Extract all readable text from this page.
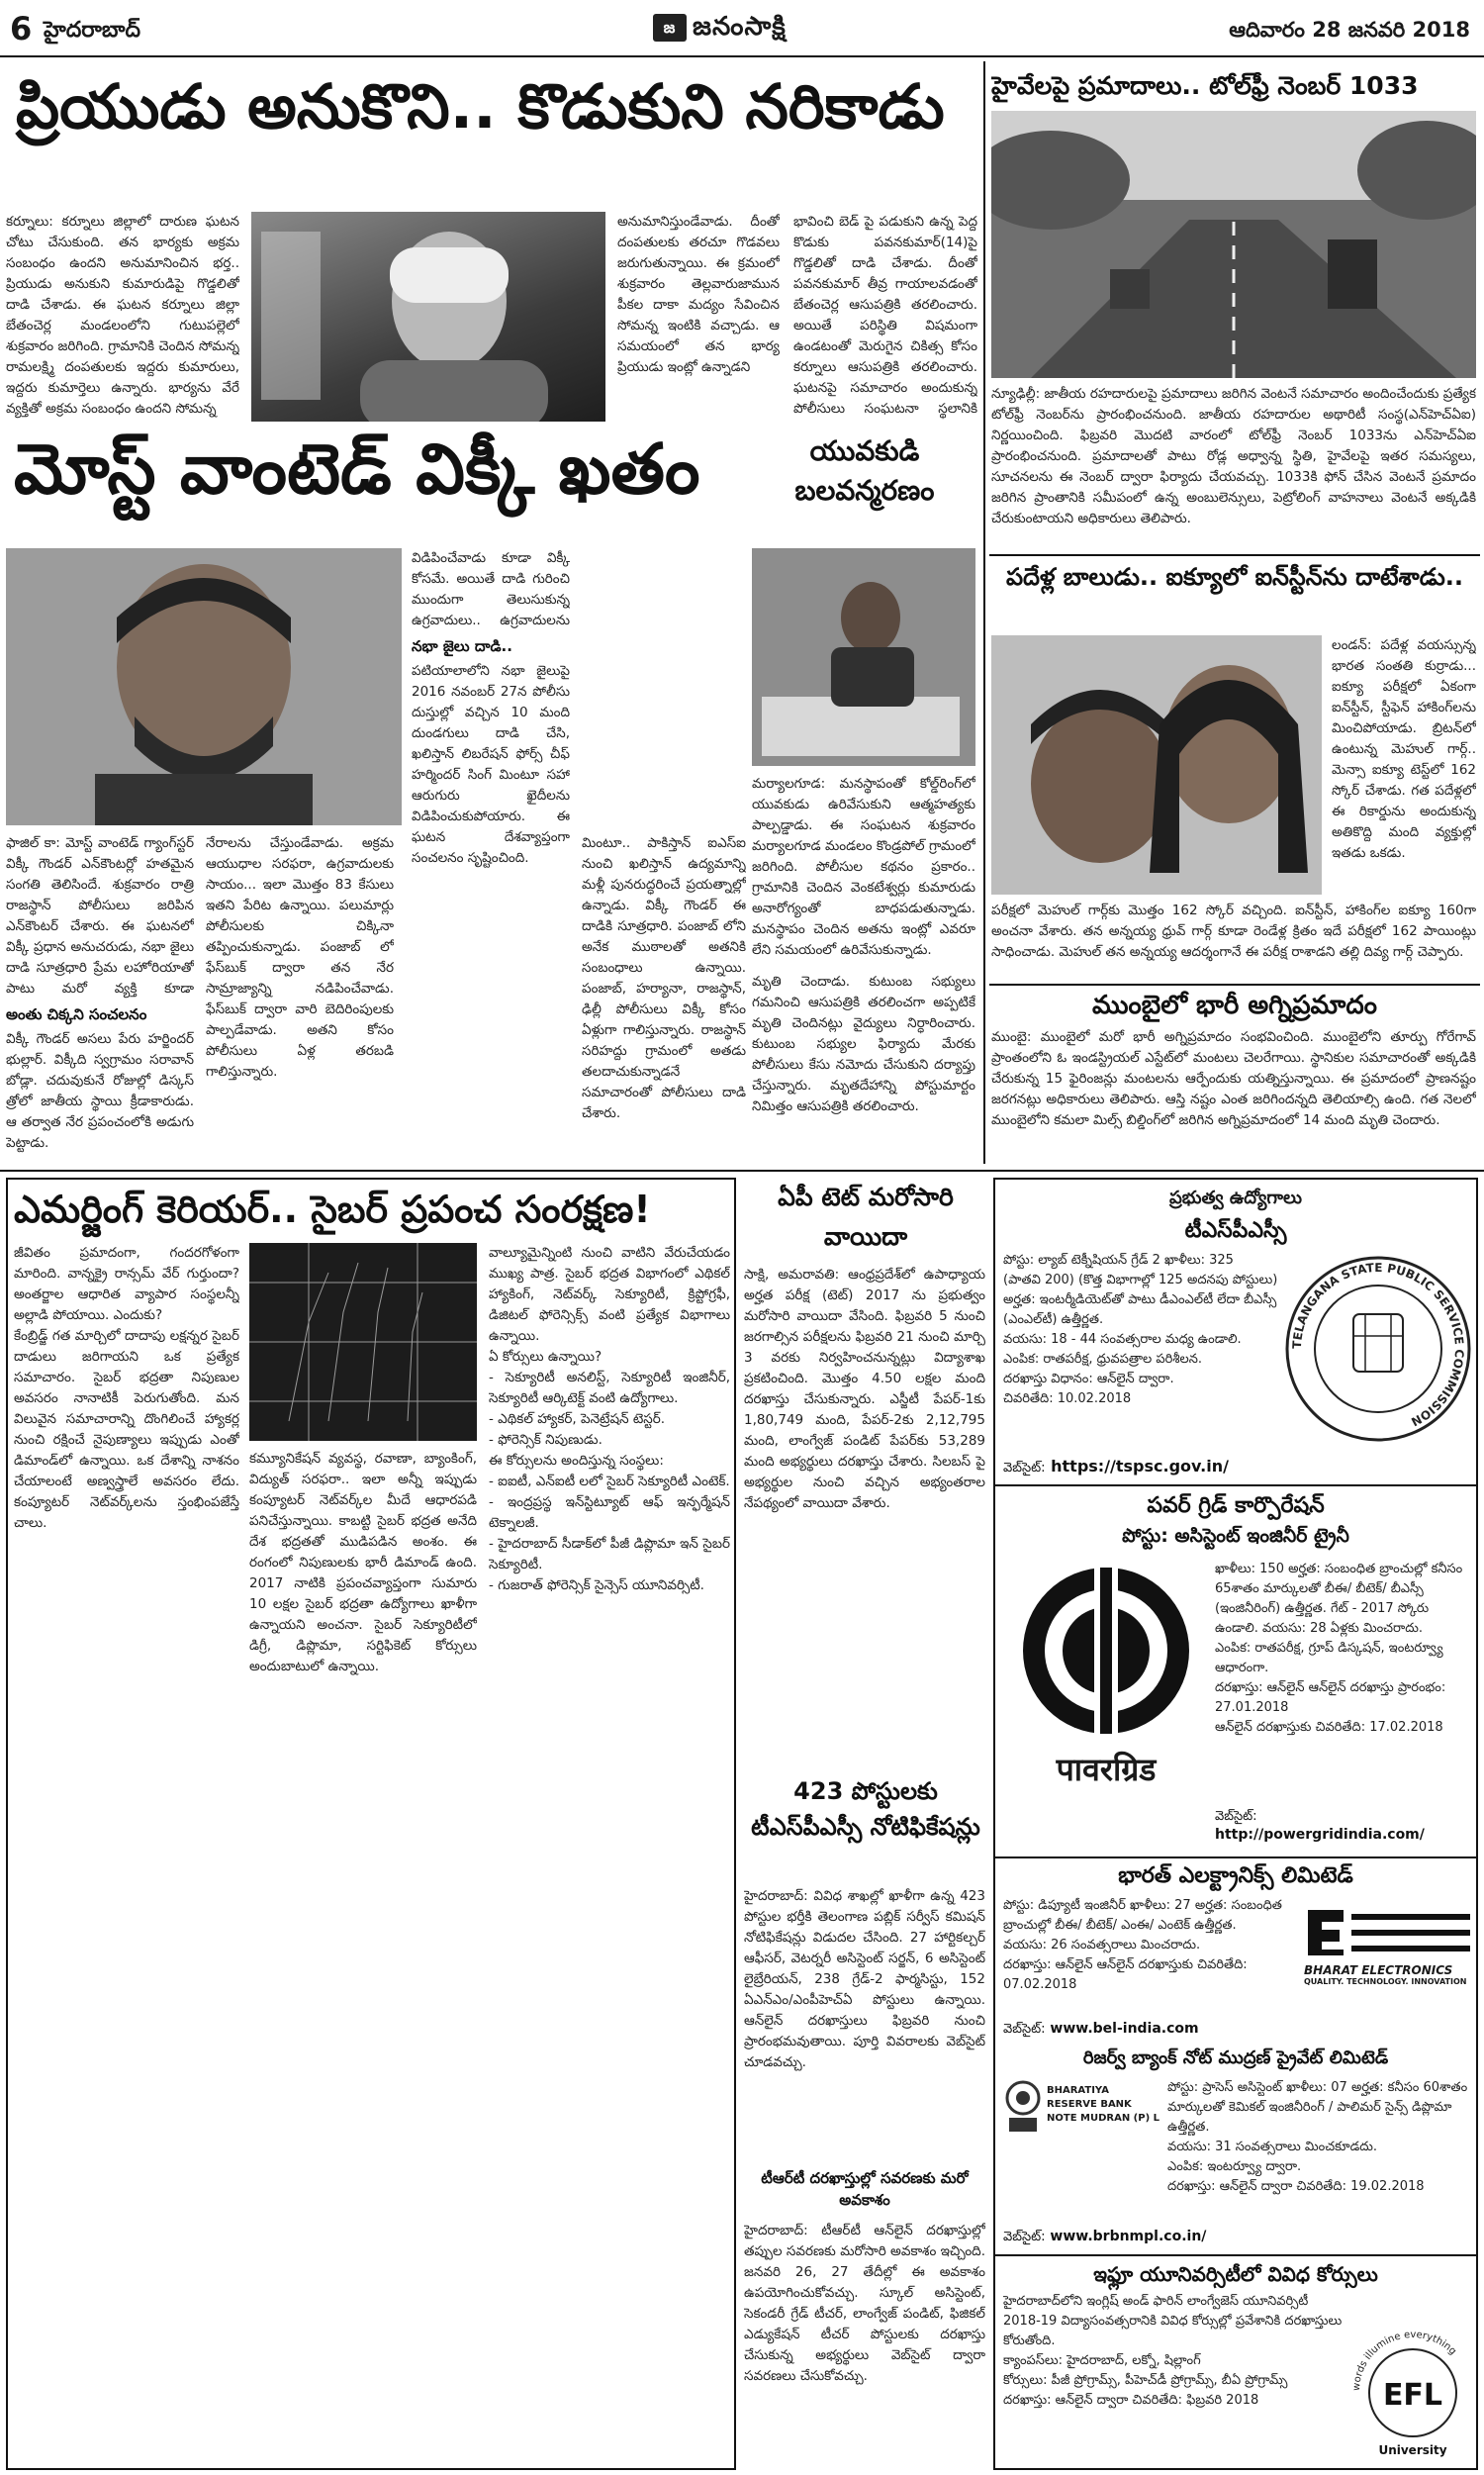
6 హైదరాబాద్	జ జనంసాక్షి	ఆదివారం 28 జనవరి 2018
ప్రియుడు అనుకొని.. కొడుకుని నరికాడు
కర్నూలు: కర్నూలు జిల్లాలో దారుణ ఘటన చోటు చేసుకుంది. తన భార్యకు అక్రమ సంబంధం ఉందని అనుమానించిన భర్త.. ప్రియుడు అనుకుని కుమారుడిపై గొడ్డలితో దాడి చేశాడు. ఈ ఘటన కర్నూలు జిల్లా బేతంచెర్ల మండలంలోని గుటుపల్లెలో శుక్రవారం జరిగింది. గ్రామానికి చెందిన సోమన్న రామలక్ష్మి దంపతులకు ఇద్దరు కుమారులు, ఇద్దరు కుమార్తెలు ఉన్నారు. భార్యను వేరే వ్యక్తితో అక్రమ సంబంధం ఉందని సోమన్న
అనుమానిస్తుండేవాడు. దీంతో దంపతులకు తరచూ గొడవలు జరుగుతున్నాయి. ఈ క్రమంలో శుక్రవారం తెల్లవారుజామున పీకల దాకా మద్యం సేవించిన సోమన్న ఇంటికి వచ్చాడు. ఆ సమయంలో తన భార్య ప్రియుడు ఇంట్లో ఉన్నాడని
భావించి బెడ్ పై పడుకుని ఉన్న పెద్ద కొడుకు పవనకుమార్(14)పై గొడ్డలితో దాడి చేశాడు. దీంతో పవనకుమార్ తీవ్ర గాయాలవడంతో బేతంచెర్ల ఆసుపత్రికి తరలించారు. అయితే పరిస్థితి విషమంగా ఉండటంతో మెరుగైన చికిత్స కోసం కర్నూలు ఆసుపత్రికి తరలించారు. ఘటనపై సమాచారం అందుకున్న పోలీసులు సంఘటనా స్థలానికి
మోస్ట్ వాంటెడ్ విక్కీ ఖతం
ఫాజిల్ కా: మోస్ట్ వాంటెడ్ గ్యాంగ్‌స్టర్ విక్కీ గౌండర్ ఎన్‌కౌంటర్లో హతమైన సంగతి తెలిసిందే. శుక్రవారం రాత్రి రాజస్థాన్ పోలీసులు జరిపిన ఎన్‌కౌంటర్ చేశారు. ఈ ఘటనలో విక్కీ ప్రధాన అనుచరుడు, నభా జైలు దాడి సూత్రధారి ప్రేమ లహోరియాతో పాటు మరో వ్యక్తి కూడా
అంతు చిక్కని సంచలనం
విక్కీ గౌండర్ అసలు పేరు హర్జిందర్ భుల్లార్. విక్కీది స్వగ్రామం సరావాన్ బోడ్లా. చదువుకునే రోజుల్లో డిస్కస్ త్రోలో జాతీయ స్థాయి క్రీడాకారుడు. ఆ తర్వాత నేర ప్రపంచంలోకి అడుగు పెట్టాడు.
నేరాలను చేస్తుండేవాడు. అక్రమ ఆయుధాల సరఫరా, ఉగ్రవాదులకు సాయం... ఇలా మొత్తం 83 కేసులు ఇతని పేరిట ఉన్నాయి. పలుమార్లు పోలీసులకు చిక్కినా తప్పించుకున్నాడు. పంజాబ్ లో ఫేస్‌బుక్ ద్వారా తన నేర సామ్రాజ్యాన్ని నడిపించేవాడు. ఫేస్‌బుక్ ద్వారా వారి బెదిరింపులకు పాల్పడేవాడు. అతని కోసం పోలీసులు ఏళ్ల తరబడి గాలిస్తున్నారు.
విడిపించేవాడు కూడా విక్కీ కోసమే. అయితే దాడి గురించి ముందుగా తెలుసుకున్న ఉగ్రవాదులు.. ఉగ్రవాదులను
నభా జైలు దాడి..
పటియాలాలోని నభా జైలుపై 2016 నవంబర్ 27న పోలీసు దుస్తుల్లో వచ్చిన 10 మంది దుండగులు దాడి చేసి, ఖలిస్తాన్ లిబరేషన్ ఫోర్స్ చీఫ్ హర్మిందర్ సింగ్ మింటూ సహా ఆరుగురు ఖైదీలను విడిపించుకుపోయారు. ఈ ఘటన దేశవ్యాప్తంగా సంచలనం సృష్టించింది.
మింటూ.. పాకిస్తాన్ ఐఎస్ఐ నుంచి ఖలిస్తాన్ ఉద్యమాన్ని మళ్లీ పునరుద్ధరించే ప్రయత్నాల్లో ఉన్నాడు. విక్కీ గౌండర్ ఈ దాడికి సూత్రధారి. పంజాబ్ లోని అనేక ముఠాలతో అతనికి సంబంధాలు ఉన్నాయి. పంజాబ్, హర్యానా, రాజస్థాన్, ఢిల్లీ పోలీసులు విక్కీ కోసం ఏళ్లుగా గాలిస్తున్నారు. రాజస్థాన్ సరిహద్దు గ్రామంలో అతడు తలదాచుకున్నాడనే సమాచారంతో పోలీసులు దాడి చేశారు.
యువకుడి బలవన్మరణం
మర్యాలగూడ: మనస్థాపంతో కోల్డ్‌రింగ్‌లో యువకుడు ఉరివేసుకుని ఆత్మహత్యకు పాల్పడ్డాడు. ఈ సంఘటన శుక్రవారం మర్యాలగూడ మండలం కొండ్రపోల్ గ్రామంలో జరిగింది. పోలీసుల కథనం ప్రకారం.. గ్రామానికి చెందిన వెంకటేశ్వర్లు కుమారుడు అనారోగ్యంతో బాధపడుతున్నాడు. మనస్థాపం చెందిన అతను ఇంట్లో ఎవరూ లేని సమయంలో ఉరివేసుకున్నాడు.
మృతి చెందాడు. కుటుంబ సభ్యులు గమనించి ఆసుపత్రికి తరలించగా అప్పటికే మృతి చెందినట్లు వైద్యులు నిర్ధారించారు. కుటుంబ సభ్యుల ఫిర్యాదు మేరకు పోలీసులు కేసు నమోదు చేసుకుని దర్యాప్తు చేస్తున్నారు. మృతదేహాన్ని పోస్టుమార్టం నిమిత్తం ఆసుపత్రికి తరలించారు.
హైవేలపై ప్రమాదాలు.. టోల్‌ఫ్రీ నెంబర్ 1033
న్యూఢిల్లీ: జాతీయ రహదారులపై ప్రమాదాలు జరిగిన వెంటనే సమాచారం అందించేందుకు ప్రత్యేక టోల్‌ఫ్రీ నెంబర్‌ను ప్రారంభించనుంది. జాతీయ రహదారుల అథారిటీ సంస్థ(ఎన్‌హెచ్‌ఏఐ) నిర్ణయించింది. ఫిబ్రవరి మొదటి వారంలో టోల్‌ఫ్రీ నెంబర్ 1033ను ఎన్‌హెచ్‌ఏఐ ప్రారంభించనుంది. ప్రమాదాలతో పాటు రోడ్ల అధ్వాన్న స్థితి, హైవేలపై ఇతర సమస్యలు, సూచనలను ఈ నెంబర్ ద్వారా ఫిర్యాదు చేయవచ్చు. 1033కి ఫోన్ చేసిన వెంటనే ప్రమాదం జరిగిన ప్రాంతానికి సమీపంలో ఉన్న అంబులెన్సులు, పెట్రోలింగ్ వాహనాలు వెంటనే అక్కడికి చేరుకుంటాయని అధికారులు తెలిపారు.
పదేళ్ల బాలుడు.. ఐక్యూలో ఐన్‌స్టీన్‌ను దాటేశాడు..
లండన్: పదేళ్ల వయస్సున్న భారత సంతతి కుర్రాడు... ఐక్యూ పరీక్షలో ఏకంగా ఐన్‌స్టీన్, స్టీఫెన్ హాకింగ్‌లను మించిపోయాడు. బ్రిటన్‌లో ఉంటున్న మెహుల్ గార్గ్.. మెన్సా ఐక్యూ టెస్ట్‌లో 162 స్కోర్ చేశాడు. గత పదేళ్లలో ఈ రికార్డును అందుకున్న అతికొద్ది మంది వ్యక్తుల్లో ఇతడు ఒకడు.
పరీక్షలో మెహుల్ గార్గ్‌కు మొత్తం 162 స్కోర్ వచ్చింది. ఐన్‌స్టీన్, హాకింగ్‌ల ఐక్యూ 160గా అంచనా వేశారు. తన అన్నయ్య ధ్రువ్ గార్గ్ కూడా రెండేళ్ల క్రితం ఇదే పరీక్షలో 162 పాయింట్లు సాధించాడు. మెహుల్ తన అన్నయ్య ఆదర్శంగానే ఈ పరీక్ష రాశాడని తల్లి దివ్య గార్గ్ చెప్పారు.
ముంబైలో భారీ అగ్నిప్రమాదం
ముంబై: ముంబైలో మరో భారీ అగ్నిప్రమాదం సంభవించింది. ముంబైలోని తూర్పు గోరేగావ్ ప్రాంతంలోని ఓ ఇండస్ట్రియల్ ఎస్టేట్‌లో మంటలు చెలరేగాయి. స్థానికుల సమాచారంతో అక్కడికి చేరుకున్న 15 ఫైరింజన్లు మంటలను ఆర్పేందుకు యత్నిస్తున్నాయి. ఈ ప్రమాదంలో ప్రాణనష్టం జరగనట్లు అధికారులు తెలిపారు. ఆస్తి నష్టం ఎంత జరిగిందన్నది తెలియాల్సి ఉంది. గత నెలలో ముంబైలోని కమలా మిల్స్ బిల్డింగ్‌లో జరిగిన అగ్నిప్రమాదంలో 14 మంది మృతి చెందారు.
ఎమర్జింగ్ కెరియర్.. సైబర్ ప్రపంచ సంరక్షణ!
జీవితం ప్రమాదంగా, గందరగోళంగా మారింది. వాన్నక్రై రాన్సమ్ వేర్ గుర్తుందా? అంతర్జాల ఆధారిత వ్యాపార సంస్థలన్నీ అల్లాడి పోయాయి. ఎందుకు?
కేంబ్రిడ్జ్ గత మార్చిలో దాదాపు లక్షన్నర సైబర్ దాడులు జరిగాయని ఒక ప్రత్యేక సమాచారం. సైబర్ భద్రతా నిపుణుల అవసరం నానాటికీ పెరుగుతోంది. మన విలువైన సమాచారాన్ని దొంగిలించే హ్యాకర్ల నుంచి రక్షించే నైపుణ్యాలు ఇప్పుడు ఎంతో డిమాండ్‌లో ఉన్నాయి. ఒక దేశాన్ని నాశనం చేయాలంటే అణ్వస్త్రాలే అవసరం లేదు. కంప్యూటర్ నెట్‌వర్క్‌లను స్తంభింపజేస్తే చాలు.
కమ్యూనికేషన్ వ్యవస్థ, రవాణా, బ్యాంకింగ్, విద్యుత్ సరఫరా.. ఇలా అన్నీ ఇప్పుడు కంప్యూటర్ నెట్‌వర్క్‌ల మీదే ఆధారపడి పనిచేస్తున్నాయి. కాబట్టి సైబర్ భద్రత అనేది దేశ భద్రతతో ముడిపడిన అంశం. ఈ రంగంలో నిపుణులకు భారీ డిమాండ్ ఉంది. 2017 నాటికి ప్రపంచవ్యాప్తంగా సుమారు 10 లక్షల సైబర్ భద్రతా ఉద్యోగాలు ఖాళీగా ఉన్నాయని అంచనా. సైబర్ సెక్యూరిటీలో డిగ్రీ, డిప్లొమా, సర్టిఫికెట్ కోర్సులు అందుబాటులో ఉన్నాయి.
వాల్యూమైన్నింటి నుంచి వాటిని వేరుచేయడం ముఖ్య పాత్ర. సైబర్ భద్రత విభాగంలో ఎథికల్ హ్యాకింగ్, నెట్‌వర్క్ సెక్యూరిటీ, క్రిప్టోగ్రఫీ, డిజిటల్ ఫోరెన్సిక్స్ వంటి ప్రత్యేక విభాగాలు ఉన్నాయి.
ఏ కోర్సులు ఉన్నాయి?
- సెక్యూరిటీ అనలిస్ట్, సెక్యూరిటీ ఇంజినీర్, సెక్యూరిటీ ఆర్కిటెక్ట్ వంటి ఉద్యోగాలు.
- ఎథికల్ హ్యాకర్, పెనెట్రేషన్ టెస్టర్.
- ఫోరెన్సిక్ నిపుణుడు.
ఈ కోర్సులను అందిస్తున్న సంస్థలు:
- ఐఐటీ, ఎన్‌ఐటీ లలో సైబర్ సెక్యూరిటీ ఎంటెక్.
- ఇంద్రప్రస్థ ఇన్‌స్టిట్యూట్ ఆఫ్ ఇన్ఫర్మేషన్ టెక్నాలజీ.
- హైదరాబాద్ సీడాక్‌లో పీజీ డిప్లొమా ఇన్ సైబర్ సెక్యూరిటీ.
- గుజరాత్ ఫోరెన్సిక్ సైన్సెస్ యూనివర్సిటీ.
ఏపీ టెట్ మరోసారి వాయిదా
సాక్షి, అమరావతి: ఆంధ్రప్రదేశ్‌లో ఉపాధ్యాయ అర్హత పరీక్ష (టెట్) 2017 ను ప్రభుత్వం మరోసారి వాయిదా వేసింది. ఫిబ్రవరి 5 నుంచి జరగాల్సిన పరీక్షలను ఫిబ్రవరి 21 నుంచి మార్చి 3 వరకు నిర్వహించనున్నట్లు విద్యాశాఖ ప్రకటించింది. మొత్తం 4.50 లక్షల మంది దరఖాస్తు చేసుకున్నారు. ఎస్జీటీ పేపర్-1కు 1,80,749 మంది, పేపర్-2కు 2,12,795 మంది, లాంగ్వేజ్ పండిట్ పేపర్‌కు 53,289 మంది అభ్యర్థులు దరఖాస్తు చేశారు. సిలబస్ పై అభ్యర్థుల నుంచి వచ్చిన అభ్యంతరాల నేపథ్యంలో వాయిదా వేశారు.
423 పోస్టులకు టీఎస్‌పీఎస్సీ నోటిఫికేషన్లు
హైదరాబాద్: వివిధ శాఖల్లో ఖాళీగా ఉన్న 423 పోస్టుల భర్తీకి తెలంగాణ పబ్లిక్ సర్వీస్ కమిషన్ నోటిఫికేషన్లు విడుదల చేసింది. 27 హార్టికల్చర్ ఆఫీసర్, వెటర్నరీ అసిస్టెంట్ సర్జన్, 6 అసిస్టెంట్ లైబ్రేరియన్, 238 గ్రేడ్-2 ఫార్మసిస్టు, 152 ఏఎన్ఎం/ఎంపీహెచ్‌ఏ పోస్టులు ఉన్నాయి. ఆన్‌లైన్ దరఖాస్తులు ఫిబ్రవరి నుంచి ప్రారంభమవుతాయి. పూర్తి వివరాలకు వెబ్‌సైట్ చూడవచ్చు.
టీఆర్‌టీ దరఖాస్తుల్లో సవరణకు మరో అవకాశం
హైదరాబాద్: టీఆర్‌టీ ఆన్‌లైన్ దరఖాస్తుల్లో తప్పుల సవరణకు మరోసారి అవకాశం ఇచ్చింది. జనవరి 26, 27 తేదీల్లో ఈ అవకాశం ఉపయోగించుకోవచ్చు. స్కూల్ అసిస్టెంట్, సెకండరీ గ్రేడ్ టీచర్, లాంగ్వేజ్ పండిట్, ఫిజికల్ ఎడ్యుకేషన్ టీచర్ పోస్టులకు దరఖాస్తు చేసుకున్న అభ్యర్థులు వెబ్‌సైట్ ద్వారా సవరణలు చేసుకోవచ్చు.
ప్రభుత్వ ఉద్యోగాలు
టీఎస్‌పీఎస్సీ
పోస్టు: ల్యాబ్ టెక్నీషియన్ గ్రేడ్ 2 ఖాళీలు: 325
(పాతవి 200) (కొత్త విభాగాల్లో 125 అదనపు పోస్టులు)
అర్హత: ఇంటర్మీడియెట్‌తో పాటు డీఎంఎల్‌టీ లేదా బీఎస్సీ (ఎంఎల్‌టీ) ఉత్తీర్ణత.
వయసు: 18 - 44 సంవత్సరాల మధ్య ఉండాలి.
ఎంపిక: రాతపరీక్ష, ధ్రువపత్రాల పరిశీలన.
దరఖాస్తు విధానం: ఆన్‌లైన్ ద్వారా.
చివరితేది: 10.02.2018
వెబ్‌సైట్: https://tspsc.gov.in/
TELANGANA STATE PUBLIC SERVICE COMMISSION
పవర్ గ్రిడ్ కార్పొరేషన్
పోస్టు: అసిస్టెంట్ ఇంజినీర్ ట్రైనీ
पावरग्रिड
ఖాళీలు: 150 అర్హత: సంబంధిత బ్రాంచుల్లో కనీసం 65శాతం మార్కులతో బీఈ/ బీటెక్/ బీఎస్సీ (ఇంజినీరింగ్) ఉత్తీర్ణత. గేట్ - 2017 స్కోరు ఉండాలి. వయసు: 28 ఏళ్లకు మించరాదు.
ఎంపిక: రాతపరీక్ష, గ్రూప్ డిస్కషన్, ఇంటర్వ్యూ ఆధారంగా.
దరఖాస్తు: ఆన్‌లైన్ ఆన్‌లైన్ దరఖాస్తు ప్రారంభం: 27.01.2018
ఆన్‌లైన్ దరఖాస్తుకు చివరితేది: 17.02.2018
వెబ్‌సైట్:
http://powergridindia.com/
భారత్ ఎలక్ట్రానిక్స్ లిమిటెడ్
పోస్టు: డిప్యూటీ ఇంజినీర్ ఖాళీలు: 27 అర్హత: సంబంధిత బ్రాంచుల్లో బీఈ/ బీటెక్/ ఎంఈ/ ఎంటెక్ ఉత్తీర్ణత.
వయసు: 26 సంవత్సరాలు మించరాదు.
దరఖాస్తు: ఆన్‌లైన్ ఆన్‌లైన్ దరఖాస్తుకు చివరితేది: 07.02.2018
BHARAT ELECTRONICS
QUALITY. TECHNOLOGY. INNOVATION
వెబ్‌సైట్: www.bel-india.com
రిజర్వ్ బ్యాంక్ నోట్ ముద్రణ్ ప్రైవేట్ లిమిటెడ్
BHARATIYA RESERVE BANK NOTE MUDRAN (P) L
పోస్టు: ప్రాసెస్ అసిస్టెంట్ ఖాళీలు: 07 అర్హత: కనీసం 60శాతం మార్కులతో కెమికల్ ఇంజినీరింగ్ / పాలిమర్ సైన్స్ డిప్లొమా ఉత్తీర్ణత.
వయసు: 31 సంవత్సరాలు మించకూడదు.
ఎంపిక: ఇంటర్వ్యూ ద్వారా.
దరఖాస్తు: ఆన్‌లైన్ ద్వారా చివరితేది: 19.02.2018
వెబ్‌సైట్: www.brbnmpl.co.in/
ఇఫ్లూ యూనివర్సిటీలో వివిధ కోర్సులు
హైదరాబాద్‌లోని ఇంగ్లిష్ అండ్ ఫారిన్ లాంగ్వేజెస్ యూనివర్సిటీ 2018-19 విద్యాసంవత్సరానికి వివిధ కోర్సుల్లో ప్రవేశానికి దరఖాస్తులు కోరుతోంది.
క్యాంపస్‌లు: హైదరాబాద్, లక్నో, షిల్లాంగ్
కోర్సులు: పీజీ ప్రోగ్రామ్స్, పీహెచ్‌డీ ప్రోగ్రామ్స్, బీఏ ప్రోగ్రామ్స్
దరఖాస్తు: ఆన్‌లైన్ ద్వారా చివరితేది: ఫిబ్రవరి 2018
words illumine everything
EFL
University
